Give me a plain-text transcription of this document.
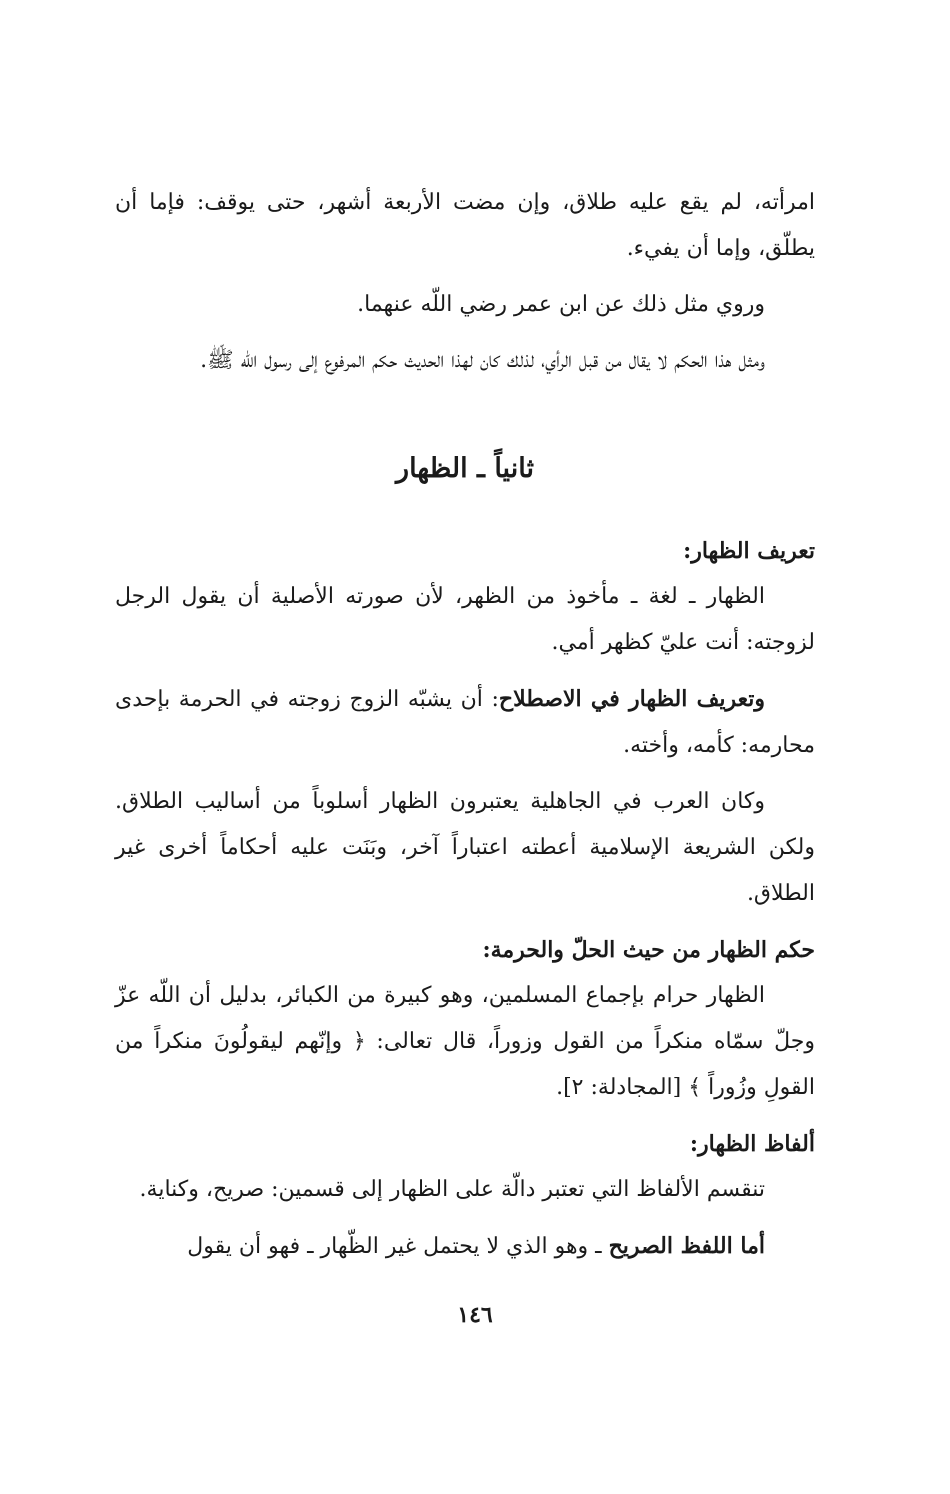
امرأته، لم يقع عليه طلاق، وإن مضت الأربعة أشهر، حتى يوقف: فإما أن يطلّق، وإما أن يفيء.

وروي مثل ذلك عن ابن عمر رضي اللّه عنهما.

ومثل هذا الحكم لا يقال من قبل الرأي، لذلك كان لهذا الحديث حكم المرفوع إلى رسول اللّه ﷺ.

ثانياً ـ الظهار

تعريف الظهار:

الظهار ـ لغة ـ مأخوذ من الظهر، لأن صورته الأصلية أن يقول الرجل لزوجته: أنت عليّ كظهر أمي.

وتعريف الظهار في الاصطلاح: أن يشبّه الزوج زوجته في الحرمة بإحدى محارمه: كأمه، وأخته.

وكان العرب في الجاهلية يعتبرون الظهار أسلوباً من أساليب الطلاق. ولكن الشريعة الإسلامية أعطته اعتباراً آخر، وبَنَت عليه أحكاماً أخرى غير الطلاق.

حكم الظهار من حيث الحلّ والحرمة:

الظهار حرام بإجماع المسلمين، وهو كبيرة من الكبائر، بدليل أن اللّه عزّ وجلّ سمّاه منكراً من القول وزوراً، قال تعالى: ﴿ وإنّهم ليقولُونَ منكراً من القولِ وزُوراً ﴾ [المجادلة: ٢].

ألفاظ الظهار:

تنقسم الألفاظ التي تعتبر دالّة على الظهار إلى قسمين: صريح، وكناية.

أما اللفظ الصريح ـ وهو الذي لا يحتمل غير الظّهار ـ فهو أن يقول

١٤٦
